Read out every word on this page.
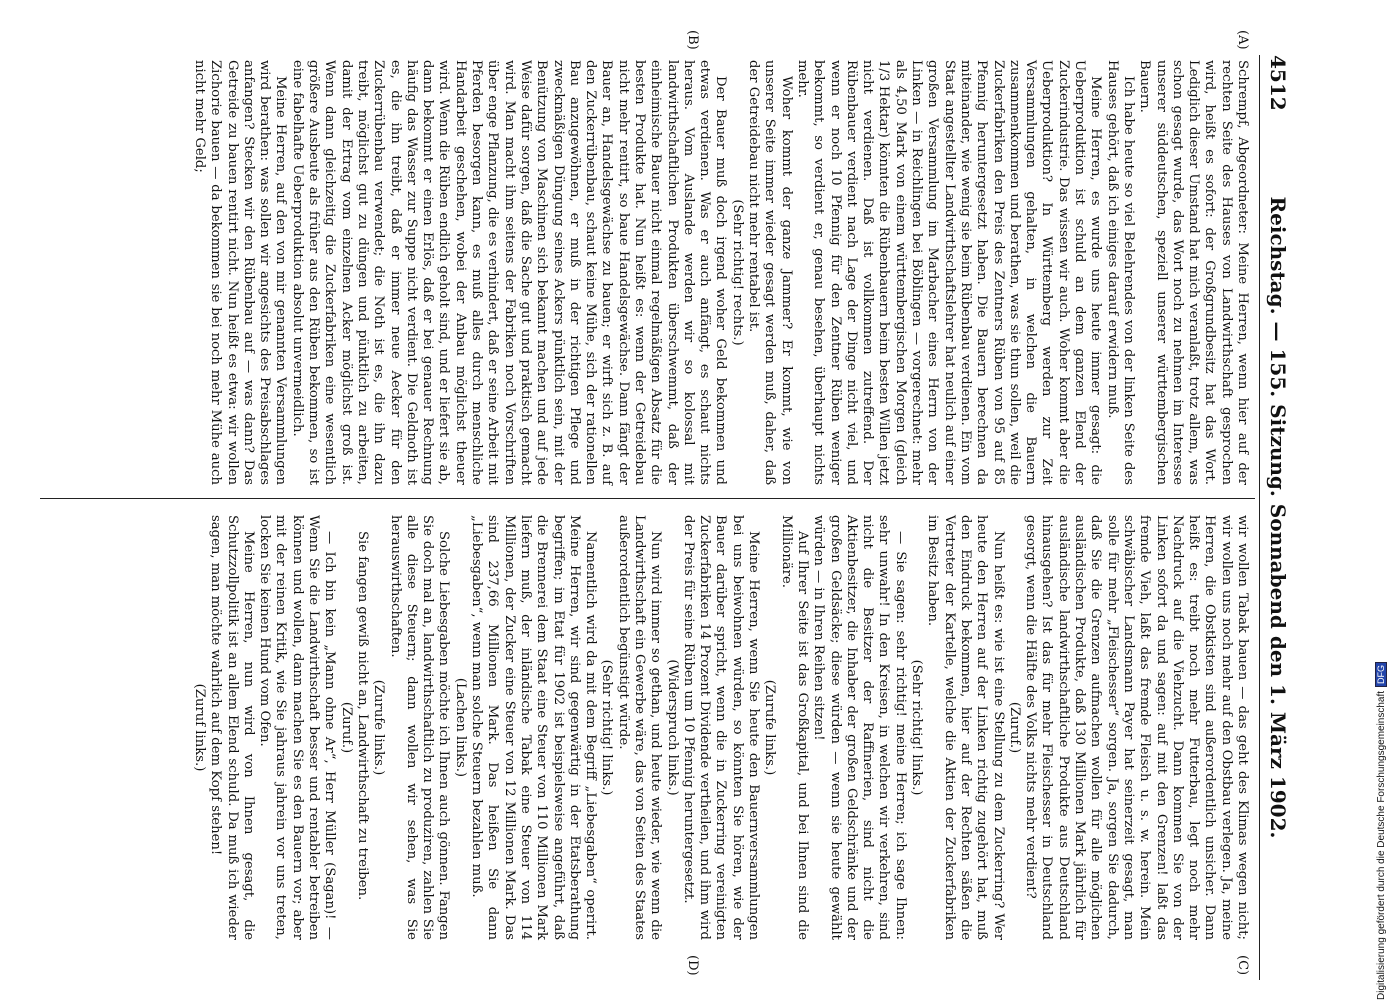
4512
Reichstag. — 155. Sitzung. Sonnabend den 1. März 1902.
(A)
(B)
(C)
(D)

Schrempf, Abgeordneter: Meine Herren, wenn hier auf der rechten Seite des Hauses von Landwirthschaft gesprochen wird, heißt es sofort: der Großgrundbesitz hat das Wort. Lediglich dieser Umstand hat mich veranlaßt, trotz allem, was schon gesagt wurde, das Wort noch zu nehmen im Interesse unserer süddeutschen, speziell unserer württembergischen Bauern.

Ich habe heute so viel Belehrendes von der linken Seite des Hauses gehört, daß ich einiges darauf erwidern muß.

Meine Herren, es wurde uns heute immer gesagt: die Ueberproduktion ist schuld an dem ganzen Elend der Zuckerindustrie. Das wissen wir auch. Woher kommt aber die Ueberproduktion? In Württemberg werden zur Zeit Versammlungen gehalten, in welchen die Bauern zusammenkommen und berathen, was sie thun sollen, weil die Zuckerfabriken den Preis des Zentners Rüben von 95 auf 85 Pfennig heruntergesetzt haben. Die Bauern berechnen da miteinander, wie wenig sie beim Rübenbau verdienen. Ein vom Staat angestellter Landwirthschaftslehrer hat neulich auf einer großen Versammlung im Marbacher eines Herrn von der Linken — in Reichlingen bei Böblingen — vorgerechnet: mehr als 4,50 Mark von einem württembergischen Morgen (gleich 1/3 Hektar) könnten die Rübenbauern beim besten Willen jetzt nicht verdienen. Daß ist vollkommen zutreffend. Der Rübenbauer verdient nach Lage der Dinge nicht viel, und wenn er noch 10 Pfennig für den Zentner Rüben weniger bekommt, so verdient er, genau besehen, überhaupt nichts mehr.

Woher kommt der ganze Jammer? Er kommt, wie von unserer Seite immer wieder gesagt werden muß, daher, daß der Getreidebau nicht mehr rentabel ist.

(Sehr richtig! rechts.)

Der Bauer muß doch irgend woher Geld bekommen und etwas verdienen. Was er auch anfängt, es schaut nichts heraus. Vom Auslande werden wir so kolossal mit landwirthschaftlichen Produkten überschwemmt, daß der einheimische Bauer nicht einmal regelmäßigen Absatz für die besten Produkte hat. Nun heißt es: wenn der Getreidebau nicht mehr rentirt, so baue Handelsgewächse. Dann fängt der Bauer an, Handelsgewächse zu bauen; er wirft sich z. B. auf den Zuckerrübenbau, schaut keine Mühe, sich der rationellen Bau anzugewöhnen, er muß in der richtigen Pflege und zweckmäßigen Düngung seines Ackers pünktlich sein, mit der Benützung von Maschinen sich bekannt machen und auf jede Weise dafür sorgen, daß die Sache gut und praktisch gemacht wird. Man macht ihm seitens der Fabriken noch Vorschriften über enge Pflanzung, die es verhindert, daß er seine Arbeit mit Pferden besorgen kann, es muß alles durch menschliche Handarbeit geschehen, wobei der Anbau möglichst theuer wird. Wenn die Rüben endlich geholt sind, und er liefert sie ab, dann bekommt er einen Erlös, daß er bei genauer Rechnung häufig das Wasser zur Suppe nicht verdient. Die Geldnoth ist es, die ihn treibt, daß er immer neue Aecker für den Zuckerrübenbau verwendet; die Noth ist es, die ihn dazu treibt, möglichst gut zu düngen und pünktlich zu arbeiten, damit der Ertrag vom einzelnen Acker möglichst groß ist. Wenn dann gleichzeitig die Zuckerfabriken eine wesentlich größere Ausbeute als früher aus den Rüben bekommen, so ist eine fabelhafte Ueberproduktion absolut unvermeidlich.

Meine Herren, auf den von mir genannten Versammlungen wird berathen: was sollen wir angesichts des Preisabschlages anfangen? Stecken wir den Rübenbau auf — was dann? Das Getreide zu bauen rentirt nicht. Nun heißt es etwa: wir wollen Zichorie bauen — da bekommen sie bei noch mehr Mühe auch nicht mehr Geld;

wir wollen Tabak bauen — das geht des Klimas wegen nicht; wir wollen uns noch mehr auf den Obstbau verlegen. Ja, meine Herren, die Obstkisten sind außerordentlich unsicher. Dann heißt es: treibt noch mehr Futterbau, legt noch mehr Nachdruck auf die Viehzucht. Dann kommen Sie von der Linken sofort da und sagen: auf mit den Grenzen! laßt das fremde Vieh, laßt das fremde Fleisch u. s. w. herein. Mein schwäbischer Landsmann Payer hat seinerzeit gesagt, man solle für mehr „Fleischesser“ sorgen. Ja, sorgen Sie dadurch, daß Sie die Grenzen aufmachen wollen für alle möglichen ausländischen Produkte, daß 130 Millionen Mark jährlich für ausländische landwirthschaftliche Produkte aus Deutschland hinausgehen? Ist das für mehr Fleischesser in Deutschland gesorgt, wenn die Hälfte des Volks nichts mehr verdient?

(Zuruf.)

Nun heißt es: wie ist eine Stellung zu dem Zuckerring? Wer heute den Herren auf der Linken richtig zugehört hat, muß den Eindruck bekommen, hier auf der Rechten säßen die Vertreter der Kartelle, welche die Aktien der Zuckerfabriken im Besitz haben.

(Sehr richtig! links.)

— Sie sagen: sehr richtig! meine Herren; ich sage Ihnen: sehr unwahr! In den Kreisen, in welchen wir verkehren, sind nicht die Besitzer der Raffinerien, sind nicht die Aktienbesitzer, die Inhaber der großen Geldschränke und der großen Geldsäcke; diese würden — wenn sie heute gewählt würden — in Ihren Reihen sitzen!

Auf Ihrer Seite ist das Großkapital, und bei Ihnen sind die Millionäre.

(Zurufe links.)

Meine Herren, wenn Sie heute den Bauernversammlungen bei uns beiwohnen würden, so könnten Sie hören, wie der Bauer darüber spricht, wenn die in Zuckerring vereinigten Zuckerfabriken 14 Prozent Dividende vertheilen, und ihm wird der Preis für seine Rüben um 10 Pfennig heruntergesetzt.

(Widerspruch links.)

Nun wird immer so gethan, und heute wieder, wie wenn die Landwirthschaft ein Gewerbe wäre, das von Seiten des Staates außerordentlich begünstigt würde.

(Sehr richtig! links.)

Namentlich wird da mit dem Begriff „Liebesgaben“ operirt. Meine Herren, wir sind gegenwärtig in der Etatsberathung begriffen; im Etat für 1902 ist beispielsweise angeführt, daß die Brennerei dem Staat eine Steuer von 110 Millionen Mark liefern muß, der inländische Tabak eine Steuer von 114 Millionen, der Zucker eine Steuer von 12 Millionen Mark. Das sind 237,66 Millionen Mark. Das heißen Sie dann „Liebesgaben“, wenn man solche Steuern bezahlen muß.

(Lachen links.)

Solche Liebesgaben möchte ich Ihnen auch gönnen. Fangen Sie doch mal an, landwirthschaftlich zu produziren, zahlen Sie alle diese Steuern; dann wollen wir sehen, was Sie herauswirthschaften.

(Zurufe links.)

Sie fangen gewiß nicht an, Landwirthschaft zu treiben.

(Zuruf.)

— Ich bin kein „Mann ohne Ar“, Herr Müller (Sagan)! — Wenn Sie die Landwirthschaft besser und rentabler betreiben können und wollen, dann machen Sie es den Bauern vor; aber mit der reinen Kritik, wie Sie jahraus jahrein vor uns treten, locken Sie keinen Hund vom Ofen.

Meine Herren, nun wird von Ihnen gesagt, die Schutzzollpolitik ist an allem Elend schuld. Da muß ich wieder sagen, man möchte wahrlich auf dem Kopf stehen!

(Zuruf links.)	Digitalisierung gefördert durch die Deutsche ForschungsgemeinschaftDFG
